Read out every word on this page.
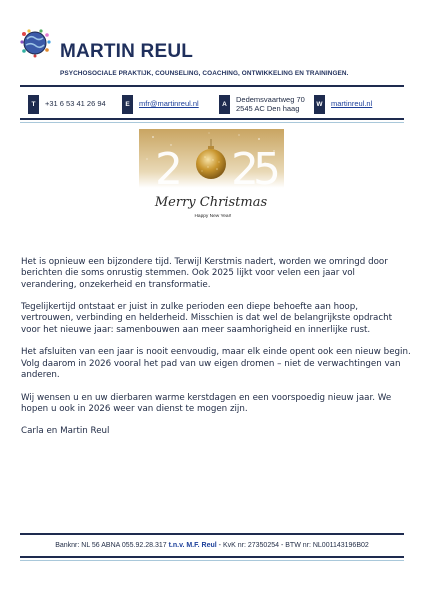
MARTIN REUL
PSYCHOSOCIALE PRAKTIJK, COUNSELING, COACHING, ONTWIKKELING EN TRAININGEN.
T	+31 6 53 41 26 94	E	mfr@martinreul.nl	A
Dedemsvaartweg 70
2545 AC Den haag	W	martinreul.nl
2 2
5
Merry Christmas
Happy New Year!

Het is opnieuw een bijzondere tijd. Terwijl Kerstmis nadert, worden we omringd door berichten die soms onrustig stemmen. Ook 2025 lijkt voor velen een jaar vol verandering, onzekerheid en transformatie.

Tegelijkertijd ontstaat er juist in zulke perioden een diepe behoefte aan hoop, vertrouwen, verbinding en helderheid. Misschien is dat wel de belangrijkste opdracht voor het nieuwe jaar: samenbouwen aan meer saamhorigheid en innerlijke rust.

Het afsluiten van een jaar is nooit eenvoudig, maar elk einde opent ook een nieuw begin. Volg daarom in 2026 vooral het pad van uw eigen dromen – niet de verwachtingen van anderen.

Wij wensen u en uw dierbaren warme kerstdagen en een voorspoedig nieuw jaar. We hopen u ook in 2026 weer van dienst te mogen zijn.

Carla en Martin Reul

Banknr: NL 56 ABNA 055.92.28.317 t.n.v. M.F. Reul - KvK nr: 27350254 - BTW nr: NL001143196B02
